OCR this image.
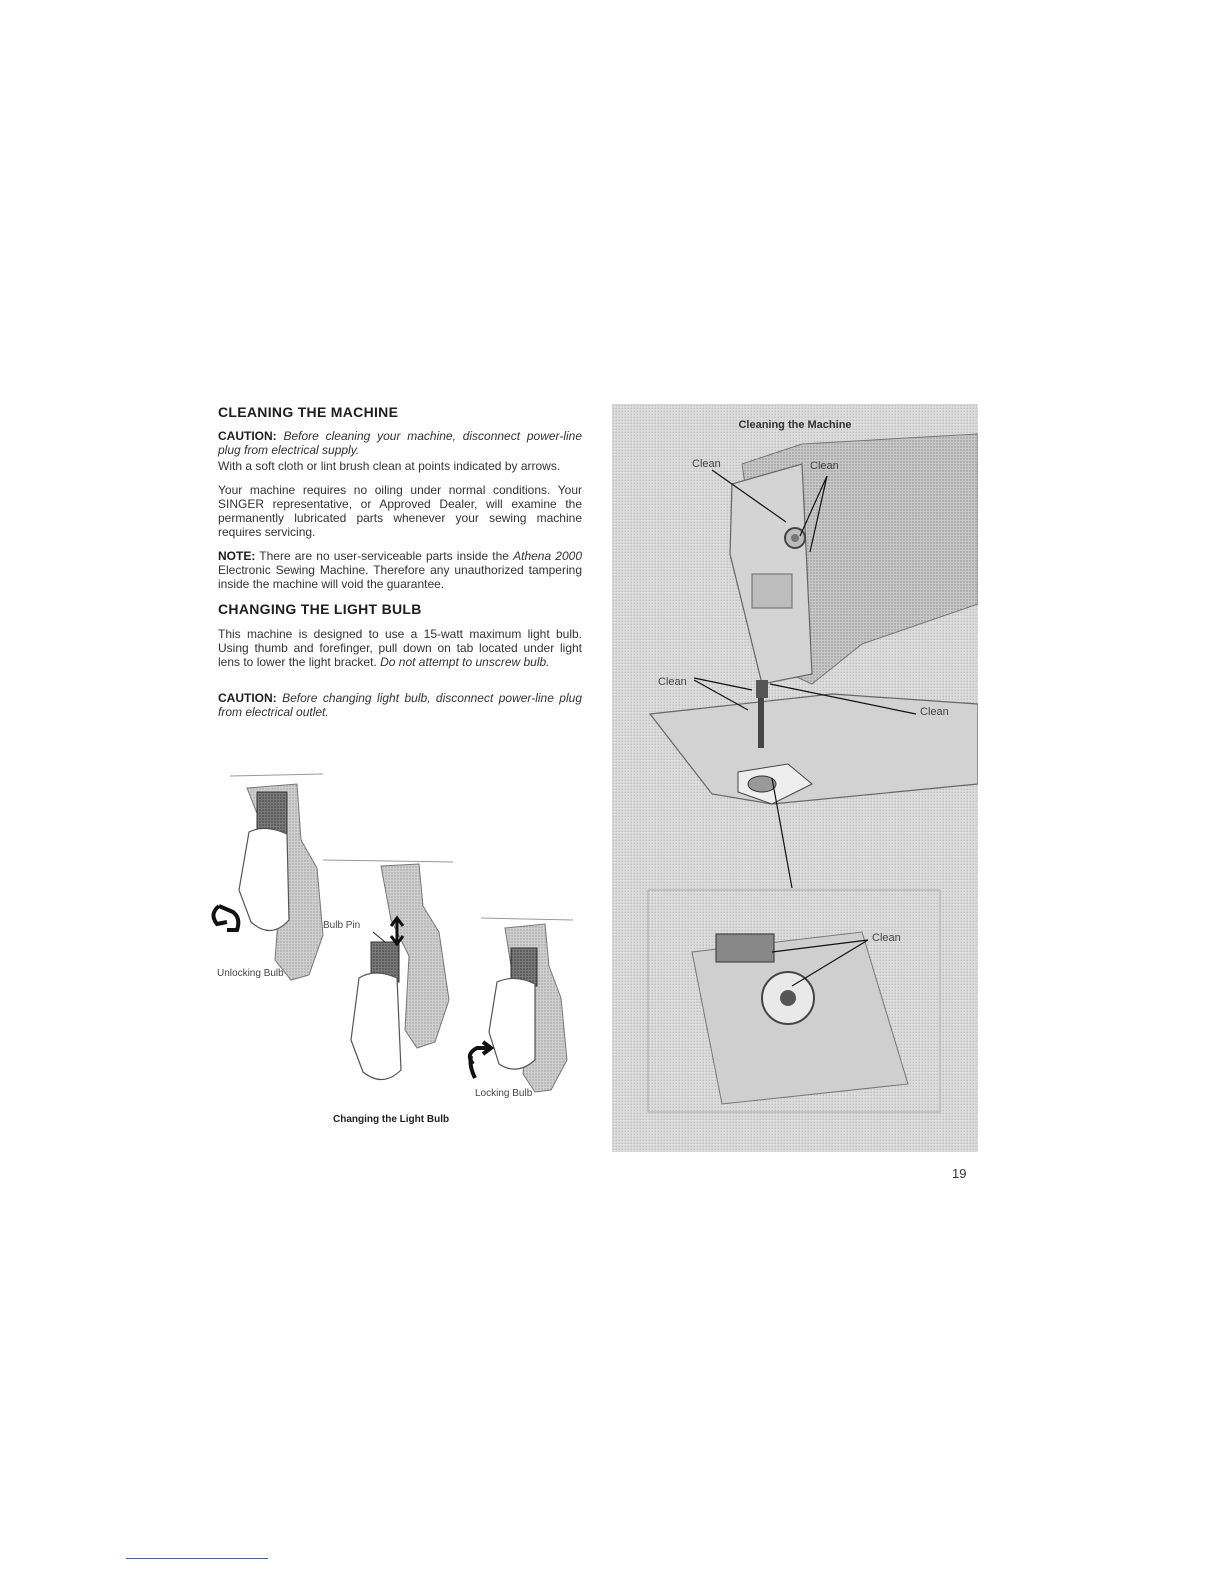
CLEANING THE MACHINE

CAUTION: Before cleaning your machine, disconnect power-line plug from electrical supply.

With a soft cloth or lint brush clean at points indicated by arrows.

Your machine requires no oiling under normal conditions. Your SINGER representative, or Approved Dealer, will examine the permanently lubricated parts whenever your sewing machine requires servicing.

NOTE: There are no user-serviceable parts inside the Athena 2000 Electronic Sewing Machine. Therefore any unauthorized tampering inside the machine will void the guarantee.

CHANGING THE LIGHT BULB

This machine is designed to use a 15-watt maximum light bulb. Using thumb and forefinger, pull down on tab located under light lens to lower the light bracket. Do not attempt to unscrew bulb.

CAUTION: Before changing light bulb, disconnect power-line plug from electrical outlet.

Unlocking Bulb
Bulb Pin
Locking Bulb
Changing the Light Bulb
Cleaning the Machine
Clean	Clean
Clean
Clean
Clean
19
